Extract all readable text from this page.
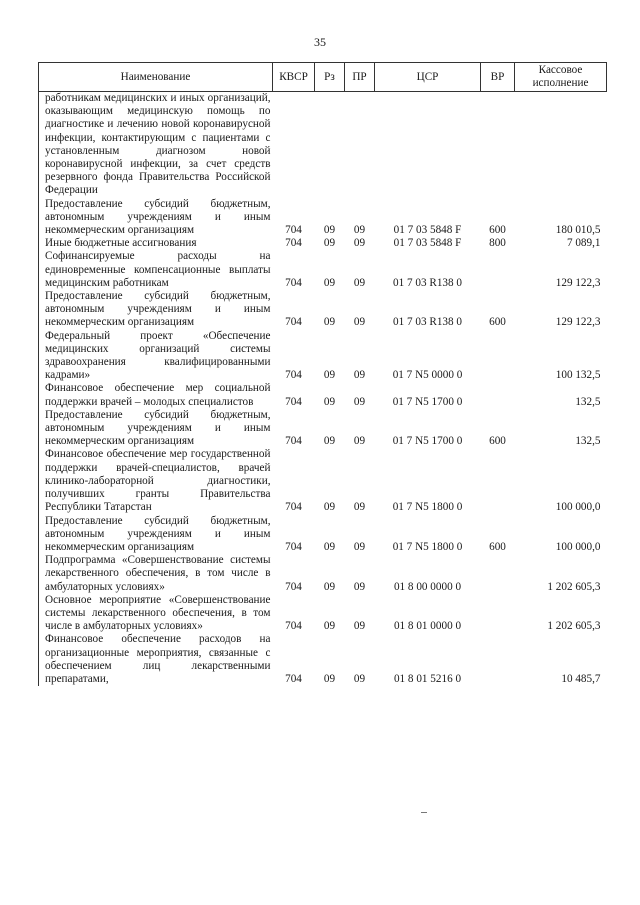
35
Наименование	КВСР	Рз	ПР	ЦСР	ВР	Кассовое исполнение
работникам медицинских и иных организаций, оказывающим медицинскую помощь по диагностике и лечению новой коронавирусной инфекции, контактирующим с пациентами с установленным диагнозом новой коронавирусной инфекции, за счет средств резервного фонда Правительства Российской Федерации						
Предоставление субсидий бюджетным, автономным учреждениям и иным некоммерческим организациям	704	09	09	01 7 03 5848 F	600	180 010,5
Иные бюджетные ассигнования	704	09	09	01 7 03 5848 F	800	7 089,1
Софинансируемые расходы на единовременные компенсационные выплаты медицинским работникам	704	09	09	01 7 03 R138 0		129 122,3
Предоставление субсидий бюджетным, автономным учреждениям и иным некоммерческим организациям	704	09	09	01 7 03 R138 0	600	129 122,3
Федеральный проект «Обеспечение медицинских организаций системы здравоохранения квалифицированными кадрами»	704	09	09	01 7 N5 0000 0		100 132,5
Финансовое обеспечение мер социальной поддержки врачей – молодых специалистов	704	09	09	01 7 N5 1700 0		132,5
Предоставление субсидий бюджетным, автономным учреждениям и иным некоммерческим организациям	704	09	09	01 7 N5 1700 0	600	132,5
Финансовое обеспечение мер государственной поддержки врачей-специалистов, врачей клинико-лабораторной диагностики, получивших гранты Правительства Республики Татарстан	704	09	09	01 7 N5 1800 0		100 000,0
Предоставление субсидий бюджетным, автономным учреждениям и иным некоммерческим организациям	704	09	09	01 7 N5 1800 0	600	100 000,0
Подпрограмма «Совершенствование системы лекарственного обеспечения, в том числе в амбулаторных условиях»	704	09	09	01 8 00 0000 0		1 202 605,3
Основное мероприятие «Совершенствование системы лекарственного обеспечения, в том числе в амбулаторных условиях»	704	09	09	01 8 01 0000 0		1 202 605,3
Финансовое обеспечение расходов на организационные мероприятия, связанные с обеспечением лиц лекарственными препаратами,	704	09	09	01 8 01 5216 0		10 485,7
